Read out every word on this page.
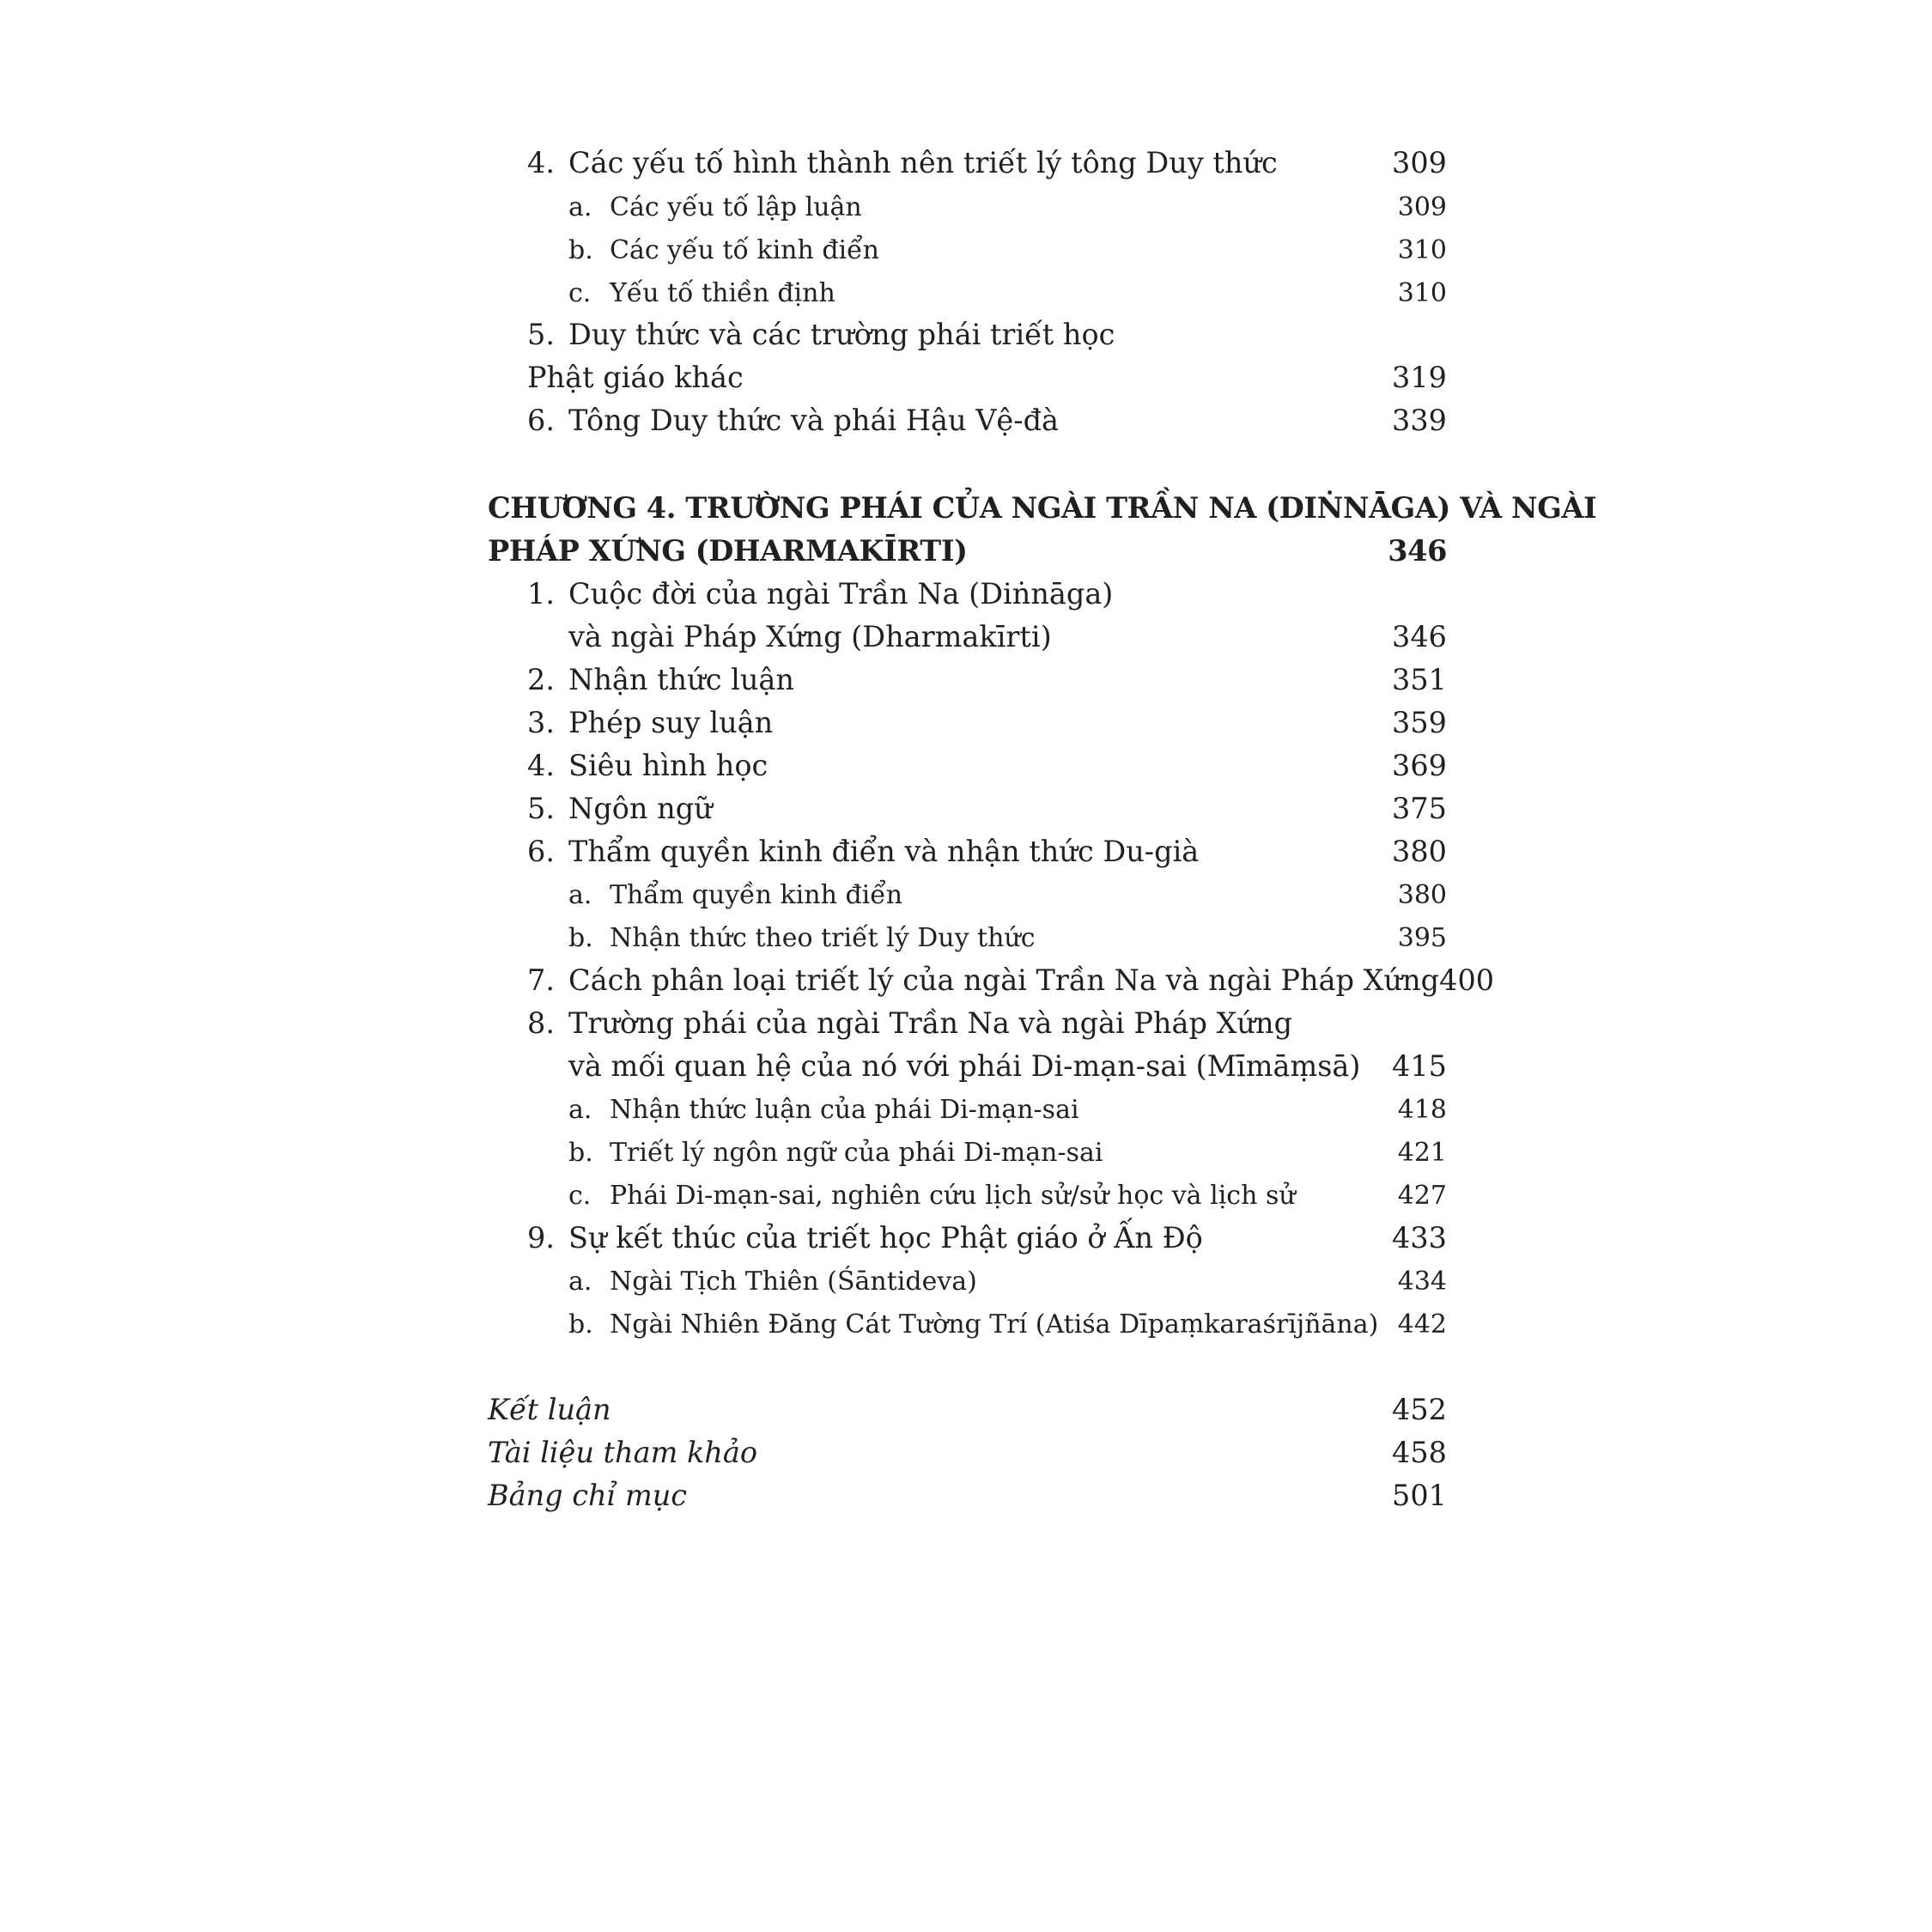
4. Các yếu tố hình thành nên triết lý tông Duy thức	309
a. Các yếu tố lập luận	309
b. Các yếu tố kinh điển	310
c. Yếu tố thiền định	310
5. Duy thức và các trường phái triết học
Phật giáo khác	319
6. Tông Duy thức và phái Hậu Vệ-đà	339
CHƯƠNG 4. TRƯỜNG PHÁI CỦA NGÀI TRẦN NA (DIṄNĀGA) VÀ NGÀI
PHÁP XỨNG (DHARMAKĪRTI)	346
1. Cuộc đời của ngài Trần Na (Diṅnāga)
và ngài Pháp Xứng (Dharmakīrti)	346
2. Nhận thức luận	351
3. Phép suy luận	359
4. Siêu hình học	369
5. Ngôn ngữ	375
6. Thẩm quyền kinh điển và nhận thức Du-già	380
a. Thẩm quyền kinh điển	380
b. Nhận thức theo triết lý Duy thức	395
7. Cách phân loại triết lý của ngài Trần Na và ngài Pháp Xứng 400
8. Trường phái của ngài Trần Na và ngài Pháp Xứng
và mối quan hệ của nó với phái Di-mạn-sai (Mīmāṃsā) 415
a. Nhận thức luận của phái Di-mạn-sai	418
b. Triết lý ngôn ngữ của phái Di-mạn-sai	421
c. Phái Di-mạn-sai, nghiên cứu lịch sử/sử học và lịch sử	427
9. Sự kết thúc của triết học Phật giáo ở Ấn Độ	433
a. Ngài Tịch Thiên (Śāntideva)	434
b. Ngài Nhiên Đăng Cát Tường Trí (Atiśa Dīpaṃkaraśrījñāna) 442
Kết luận	452
Tài liệu tham khảo	458
Bảng chỉ mục	501
